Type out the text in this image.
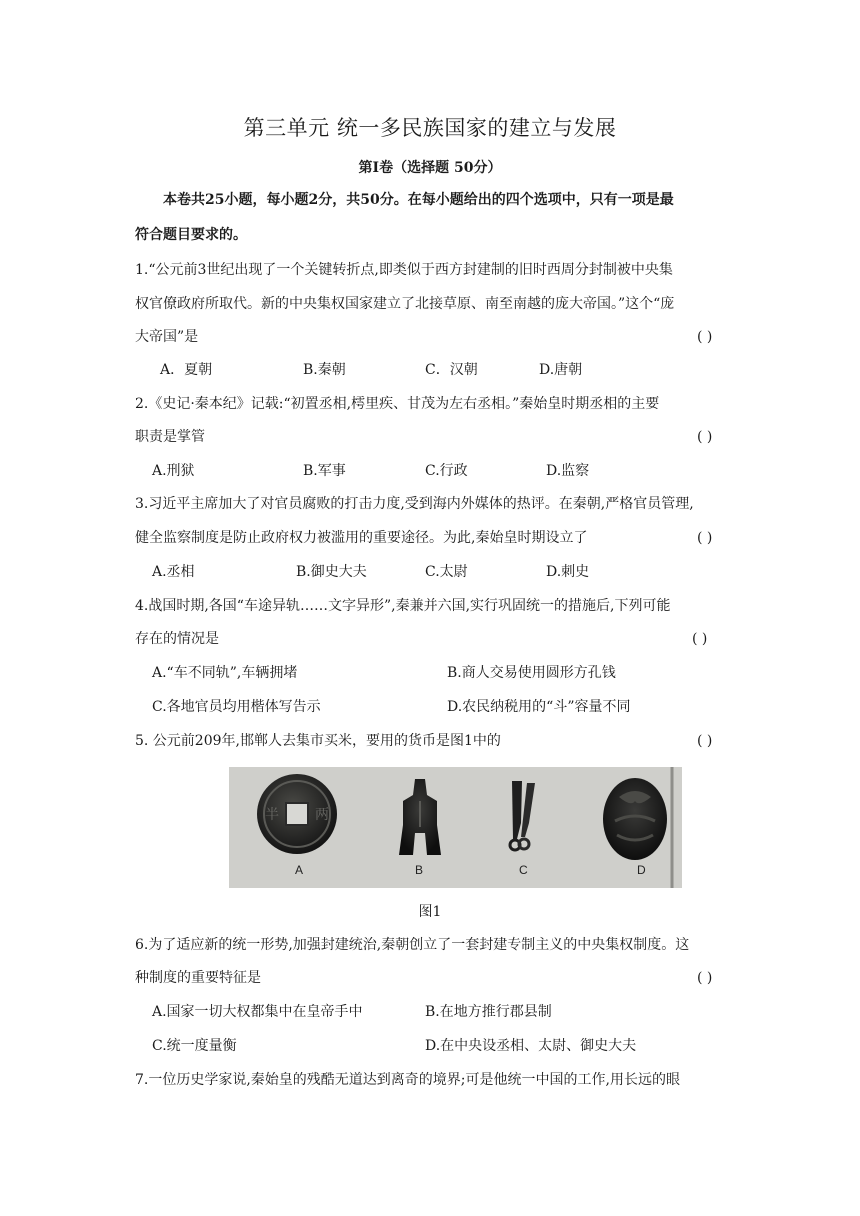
第三单元 统一多民族国家的建立与发展
第Ⅰ卷（选择题 50分）
本卷共25小题，每小题2分，共50分。在每小题给出的四个选项中，只有一项是最
符合题目要求的。
1.“公元前3世纪出现了一个关键转折点,即类似于西方封建制的旧时西周分封制被中央集
权官僚政府所取代。新的中央集权国家建立了北接草原、南至南越的庞大帝国。”这个“庞
大帝国”是	( )
A．夏朝	B.秦朝	C．汉朝	D.唐朝
2.《史记·秦本纪》记载:“初置丞相,樗里疾、甘茂为左右丞相。”秦始皇时期丞相的主要
职责是掌管	( )
A.刑狱	B.军事	C.行政	D.监察
3.习近平主席加大了对官员腐败的打击力度,受到海内外媒体的热评。在秦朝,严格官员管理,
健全监察制度是防止政府权力被滥用的重要途径。为此,秦始皇时期设立了	( )
A.丞相	B.御史大夫	C.太尉	D.刺史
4.战国时期,各国“车途异轨……文字异形”,秦兼并六国,实行巩固统一的措施后,下列可能
存在的情况是	( )
A.“车不同轨”,车辆拥堵	B.商人交易使用圆形方孔钱
C.各地官员均用楷体写告示	D.农民纳税用的“斗”容量不同
5. 公元前209年,邯郸人去集市买米，要用的货币是图1中的	( )
半	两
A	B	C	D
图1
6.为了适应新的统一形势,加强封建统治,秦朝创立了一套封建专制主义的中央集权制度。这
种制度的重要特征是	( )
A.国家一切大权都集中在皇帝手中	B.在地方推行郡县制
C.统一度量衡	D.在中央设丞相、太尉、御史大夫
7.一位历史学家说,秦始皇的残酷无道达到离奇的境界;可是他统一中国的工作,用长远的眼
